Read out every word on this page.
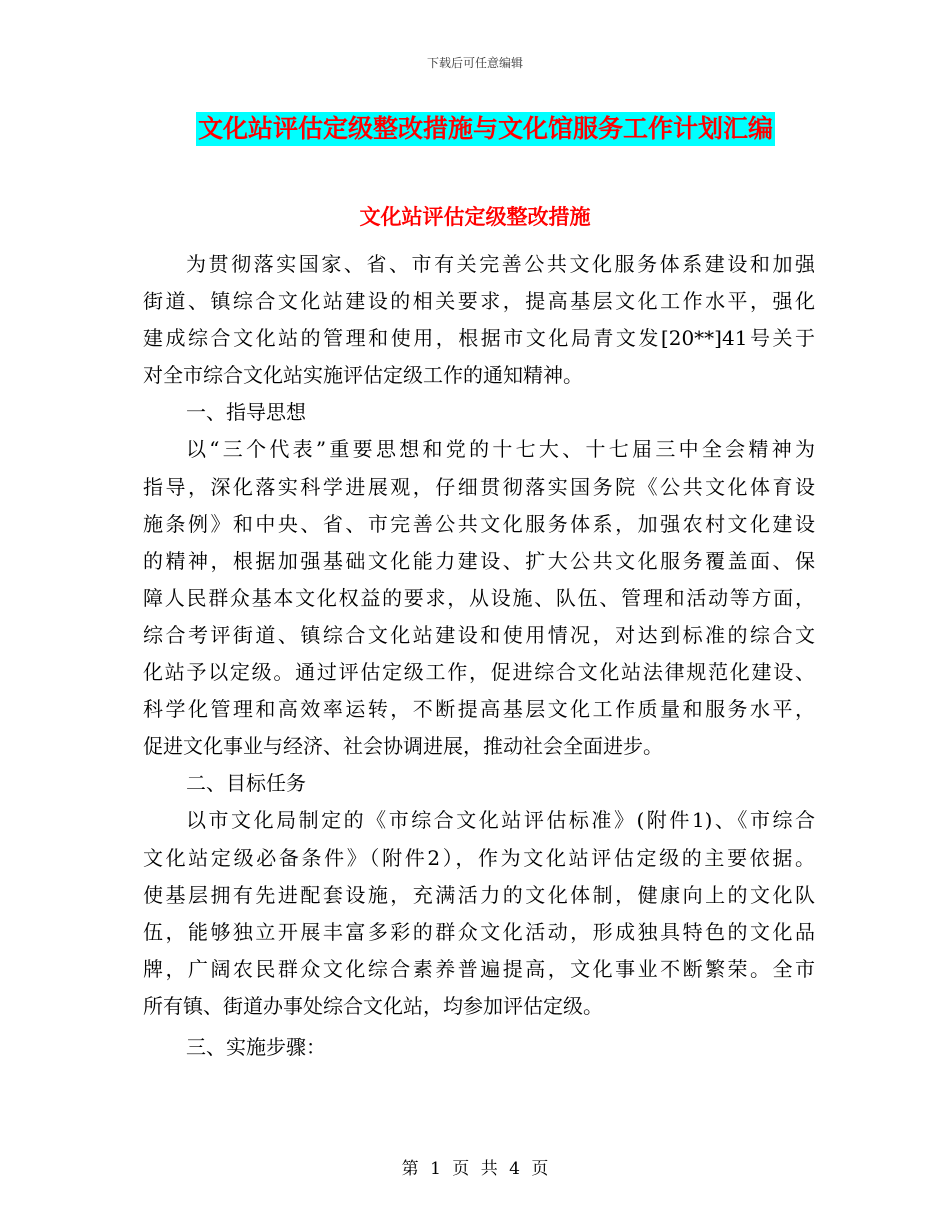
下载后可任意编辑
文化站评估定级整改措施与文化馆服务工作计划汇编
文化站评估定级整改措施
为贯彻落实国家、省、市有关完善公共文化服务体系建设和加强
街道、镇综合文化站建设的相关要求，提高基层文化工作水平，强化
建成综合文化站的管理和使用，根据市文化局青文发[20**]41号关于
对全市综合文化站实施评估定级工作的通知精神。
一、指导思想
以“三个代表”重要思想和党的十七大、十七届三中全会精神为
指导，深化落实科学进展观，仔细贯彻落实国务院《公共文化体育设
施条例》和中央、省、市完善公共文化服务体系，加强农村文化建设
的精神，根据加强基础文化能力建设、扩大公共文化服务覆盖面、保
障人民群众基本文化权益的要求，从设施、队伍、管理和活动等方面，
综合考评街道、镇综合文化站建设和使用情况，对达到标准的综合文
化站予以定级。通过评估定级工作，促进综合文化站法律规范化建设、
科学化管理和高效率运转，不断提高基层文化工作质量和服务水平，
促进文化事业与经济、社会协调进展，推动社会全面进步。
二、目标任务
以市文化局制定的《市综合文化站评估标准》(附件1)、《市综合
文化站定级必备条件》（附件2），作为文化站评估定级的主要依据。
使基层拥有先进配套设施，充满活力的文化体制，健康向上的文化队
伍，能够独立开展丰富多彩的群众文化活动，形成独具特色的文化品
牌，广阔农民群众文化综合素养普遍提高，文化事业不断繁荣。全市
所有镇、街道办事处综合文化站，均参加评估定级。
三、实施步骤：
第 1 页 共 4 页
